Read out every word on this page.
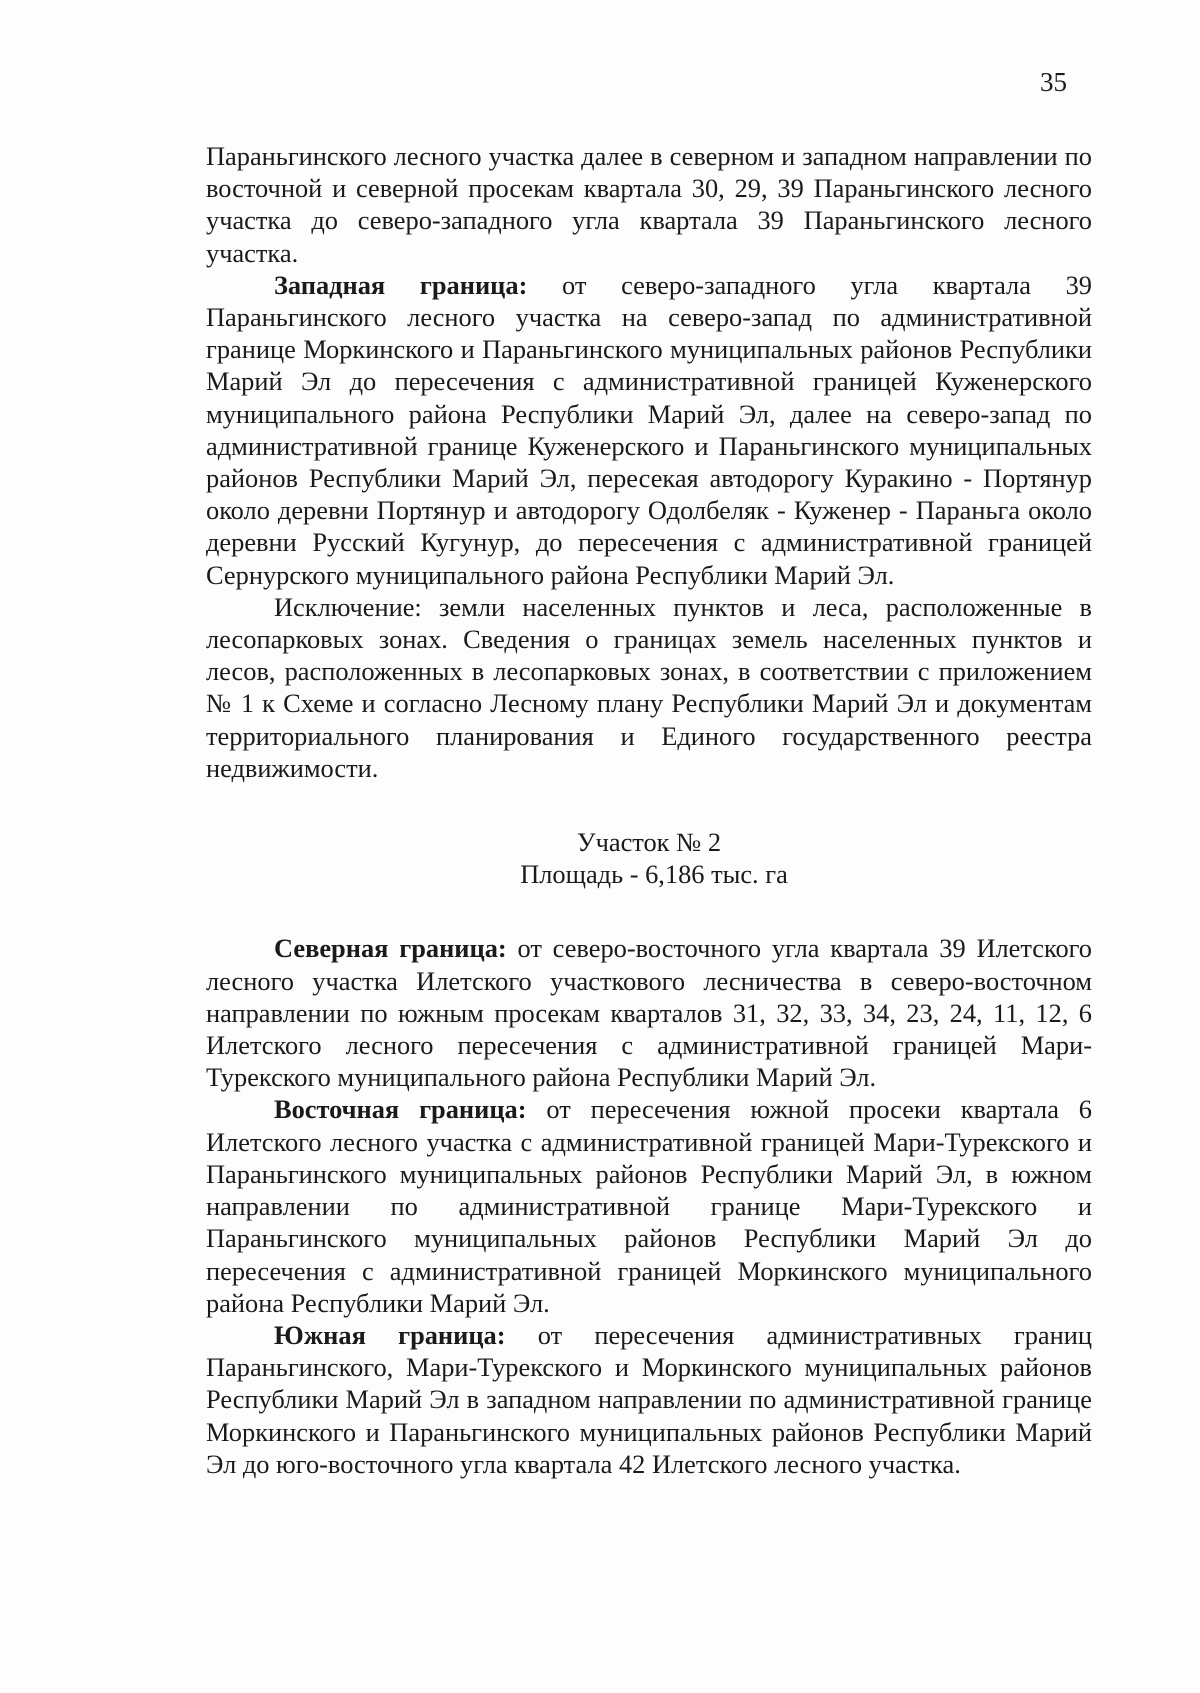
35

Параньгинского лесного участка далее в северном и западном направлении по восточной и северной просекам квартала 30, 29, 39 Параньгинского лесного участка до северо-западного угла квартала 39 Параньгинского лесного участка.

Западная граница: от северо-западного угла квартала 39 Параньгинского лесного участка на северо-запад по административной границе Моркинского и Параньгинского муниципальных районов Республики Марий Эл до пересечения с административной границей Куженерского муниципального района Республики Марий Эл, далее на северо-запад по административной границе Куженерского и Параньгинского муниципальных районов Республики Марий Эл, пересекая автодорогу Куракино - Портянур около деревни Портянур и автодорогу Одолбеляк - Куженер - Параньга около деревни Русский Кугунур, до пересечения с административной границей Сернурского муниципального района Республики Марий Эл.

Исключение: земли населенных пунктов и леса, расположенные в лесопарковых зонах. Сведения о границах земель населенных пунктов и лесов, расположенных в лесопарковых зонах, в соответствии с приложением № 1 к Схеме и согласно Лесному плану Республики Марий Эл и документам территориального планирования и Единого государственного реестра недвижимости.

Участок № 2
Площадь - 6,186 тыс. га

Северная граница: от северо-восточного угла квартала 39 Илетского лесного участка Илетского участкового лесничества в северо-восточном направлении по южным просекам кварталов 31, 32, 33, 34, 23, 24, 11, 12, 6 Илетского лесного пересечения с административной границей Мари-Турекского муниципального района Республики Марий Эл.

Восточная граница: от пересечения южной просеки квартала 6 Илетского лесного участка с административной границей Мари-Турекского и Параньгинского муниципальных районов Республики Марий Эл, в южном направлении по административной границе Мари-Турекского и Параньгинского муниципальных районов Республики Марий Эл до пересечения с административной границей Моркинского муниципального района Республики Марий Эл.

Южная граница: от пересечения административных границ Параньгинского, Мари-Турекского и Моркинского муниципальных районов Республики Марий Эл в западном направлении по административной границе Моркинского и Параньгинского муниципальных районов Республики Марий Эл до юго-восточного угла квартала 42 Илетского лесного участка.
